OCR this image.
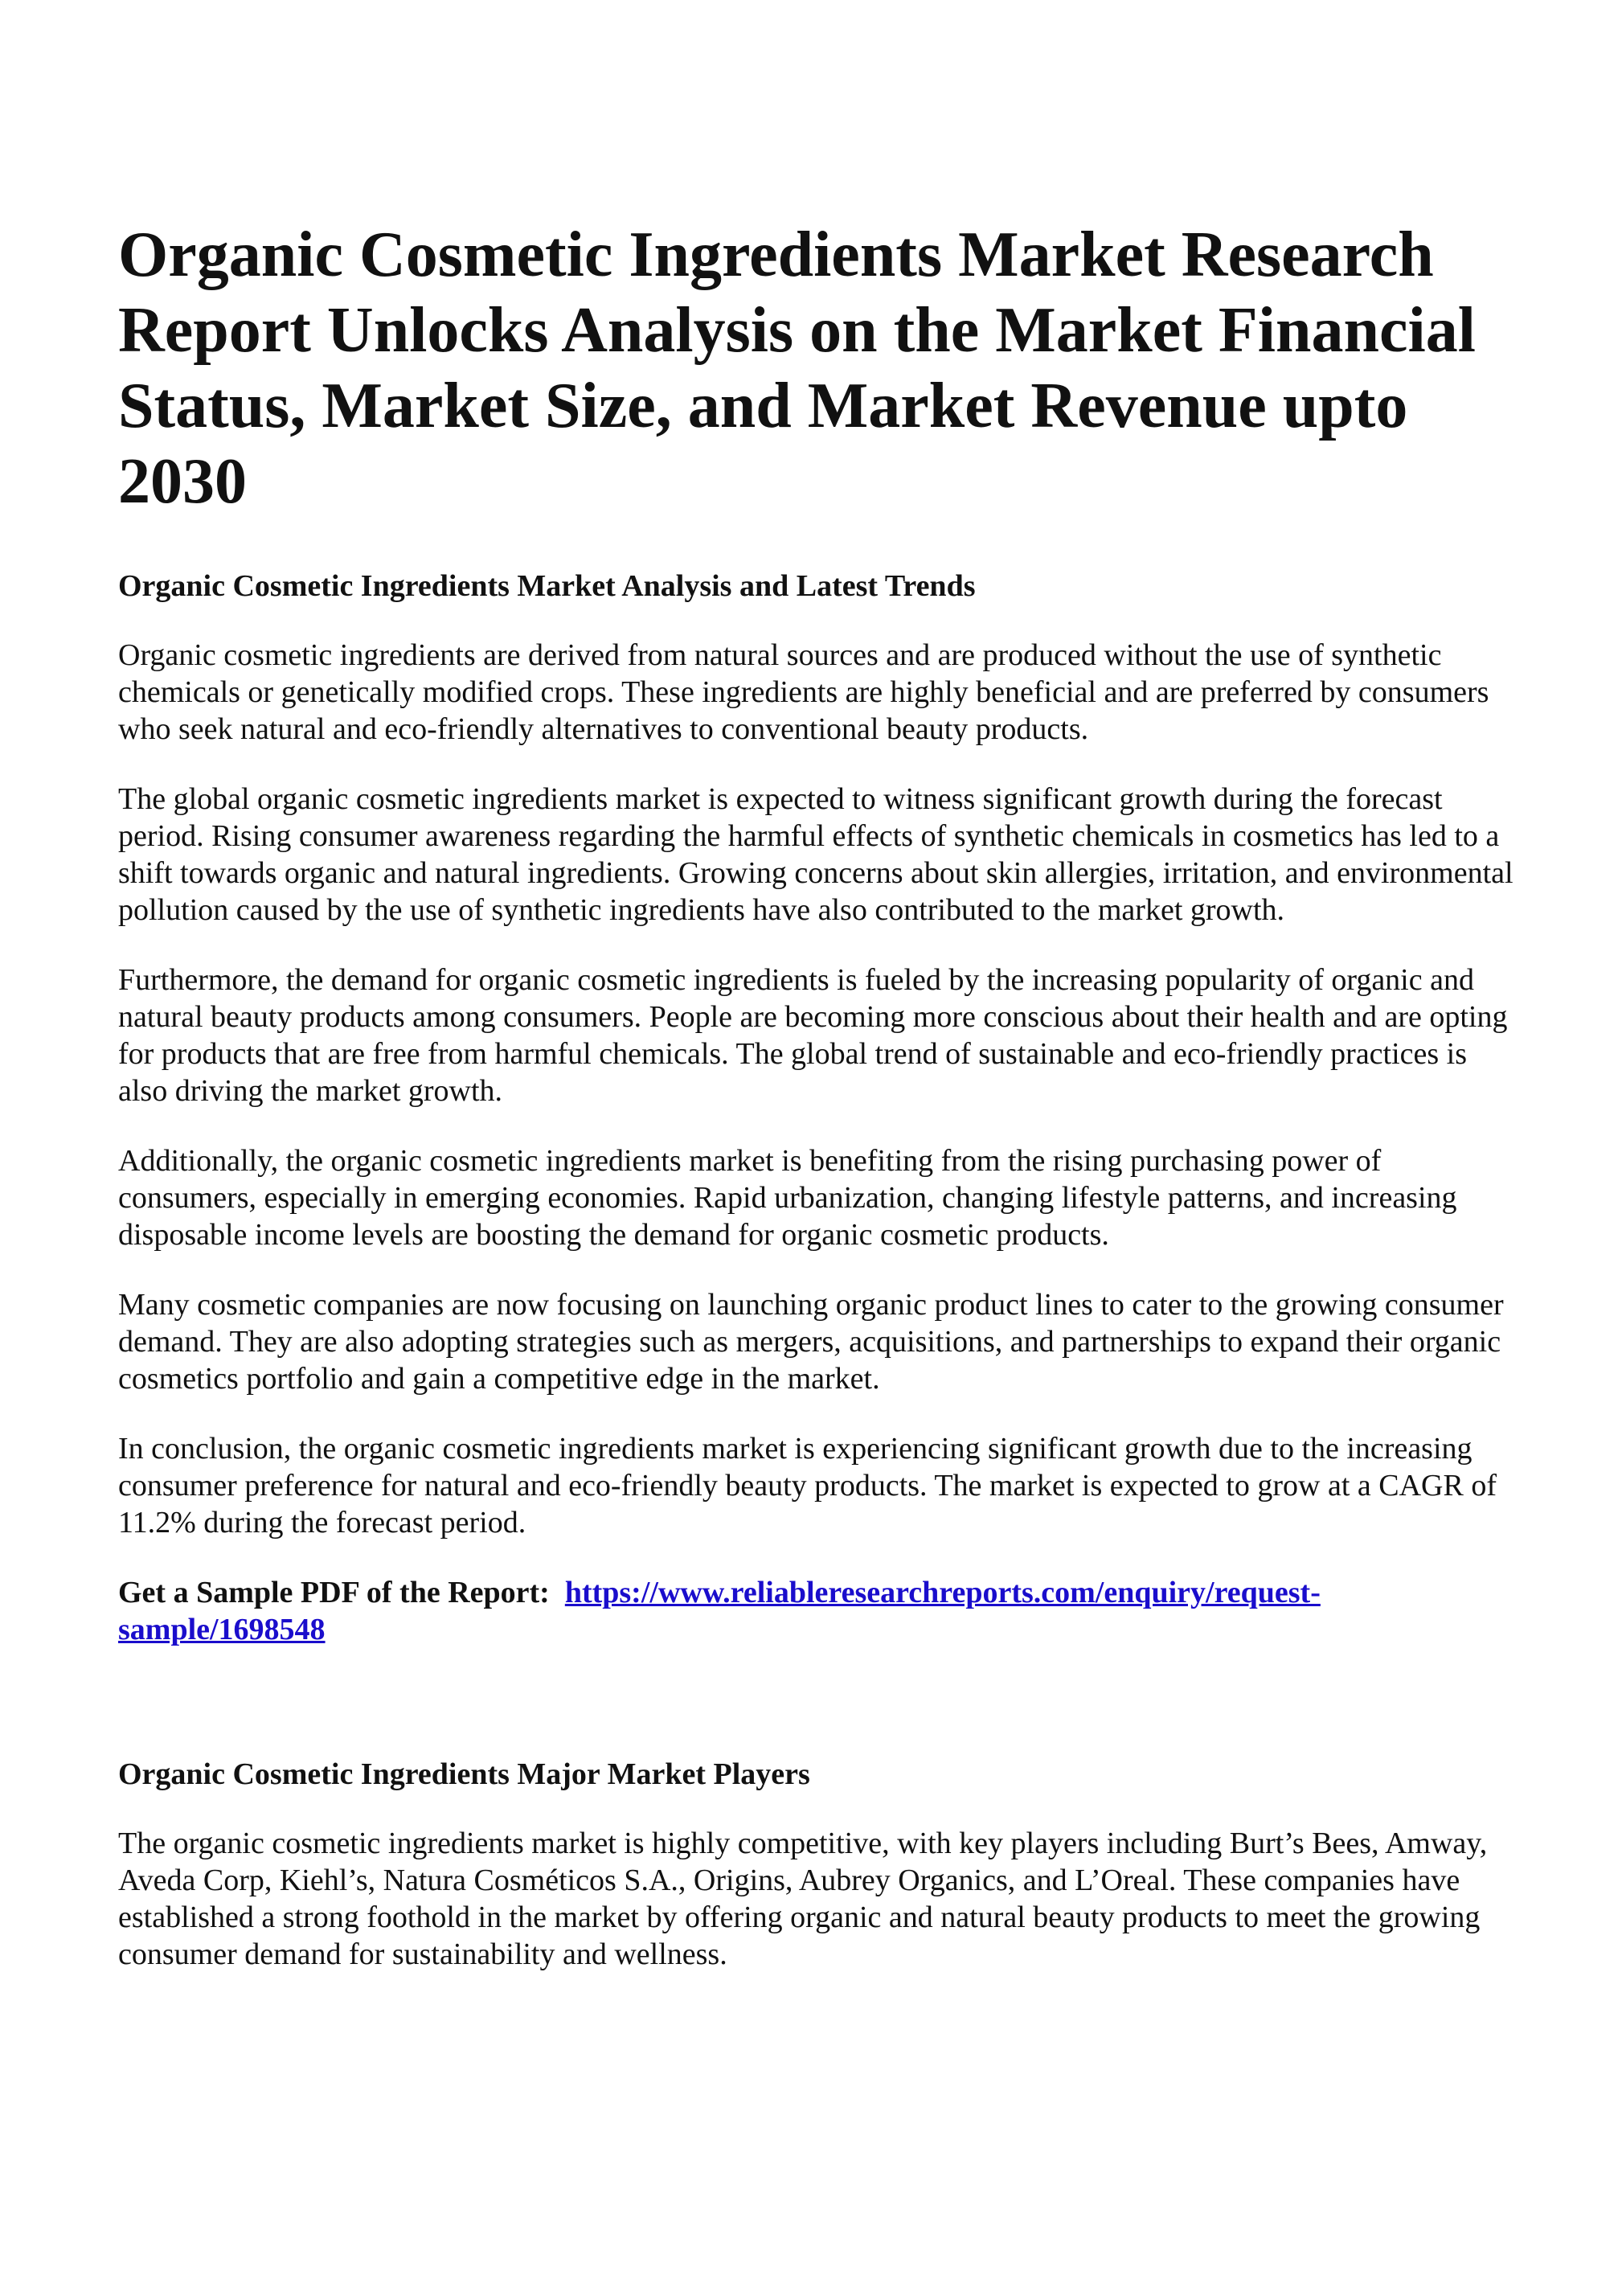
Organic Cosmetic Ingredients Market Research Report Unlocks Analysis on the Market Financial Status, Market Size, and Market Revenue upto 2030
Organic Cosmetic Ingredients Market Analysis and Latest Trends

Organic cosmetic ingredients are derived from natural sources and are produced without the use of synthetic chemicals or genetically modified crops. These ingredients are highly beneficial and are preferred by consumers who seek natural and eco-friendly alternatives to conventional beauty products.

The global organic cosmetic ingredients market is expected to witness significant growth during the forecast period. Rising consumer awareness regarding the harmful effects of synthetic chemicals in cosmetics has led to a shift towards organic and natural ingredients. Growing concerns about skin allergies, irritation, and environmental pollution caused by the use of synthetic ingredients have also contributed to the market growth.

Furthermore, the demand for organic cosmetic ingredients is fueled by the increasing popularity of organic and natural beauty products among consumers. People are becoming more conscious about their health and are opting for products that are free from harmful chemicals. The global trend of sustainable and eco-friendly practices is also driving the market growth.

Additionally, the organic cosmetic ingredients market is benefiting from the rising purchasing power of consumers, especially in emerging economies. Rapid urbanization, changing lifestyle patterns, and increasing disposable income levels are boosting the demand for organic cosmetic products.

Many cosmetic companies are now focusing on launching organic product lines to cater to the growing consumer demand. They are also adopting strategies such as mergers, acquisitions, and partnerships to expand their organic cosmetics portfolio and gain a competitive edge in the market.

In conclusion, the organic cosmetic ingredients market is experiencing significant growth due to the increasing consumer preference for natural and eco-friendly beauty products. The market is expected to grow at a CAGR of 11.2% during the forecast period.

Get a Sample PDF of the Report: https://www.reliableresearchreports.com/enquiry/request-sample/1698548

Organic Cosmetic Ingredients Major Market Players

The organic cosmetic ingredients market is highly competitive, with key players including Burt’s Bees, Amway, Aveda Corp, Kiehl’s, Natura Cosméticos S.A., Origins, Aubrey Organics, and L’Oreal. These companies have established a strong foothold in the market by offering organic and natural beauty products to meet the growing consumer demand for sustainability and wellness.
